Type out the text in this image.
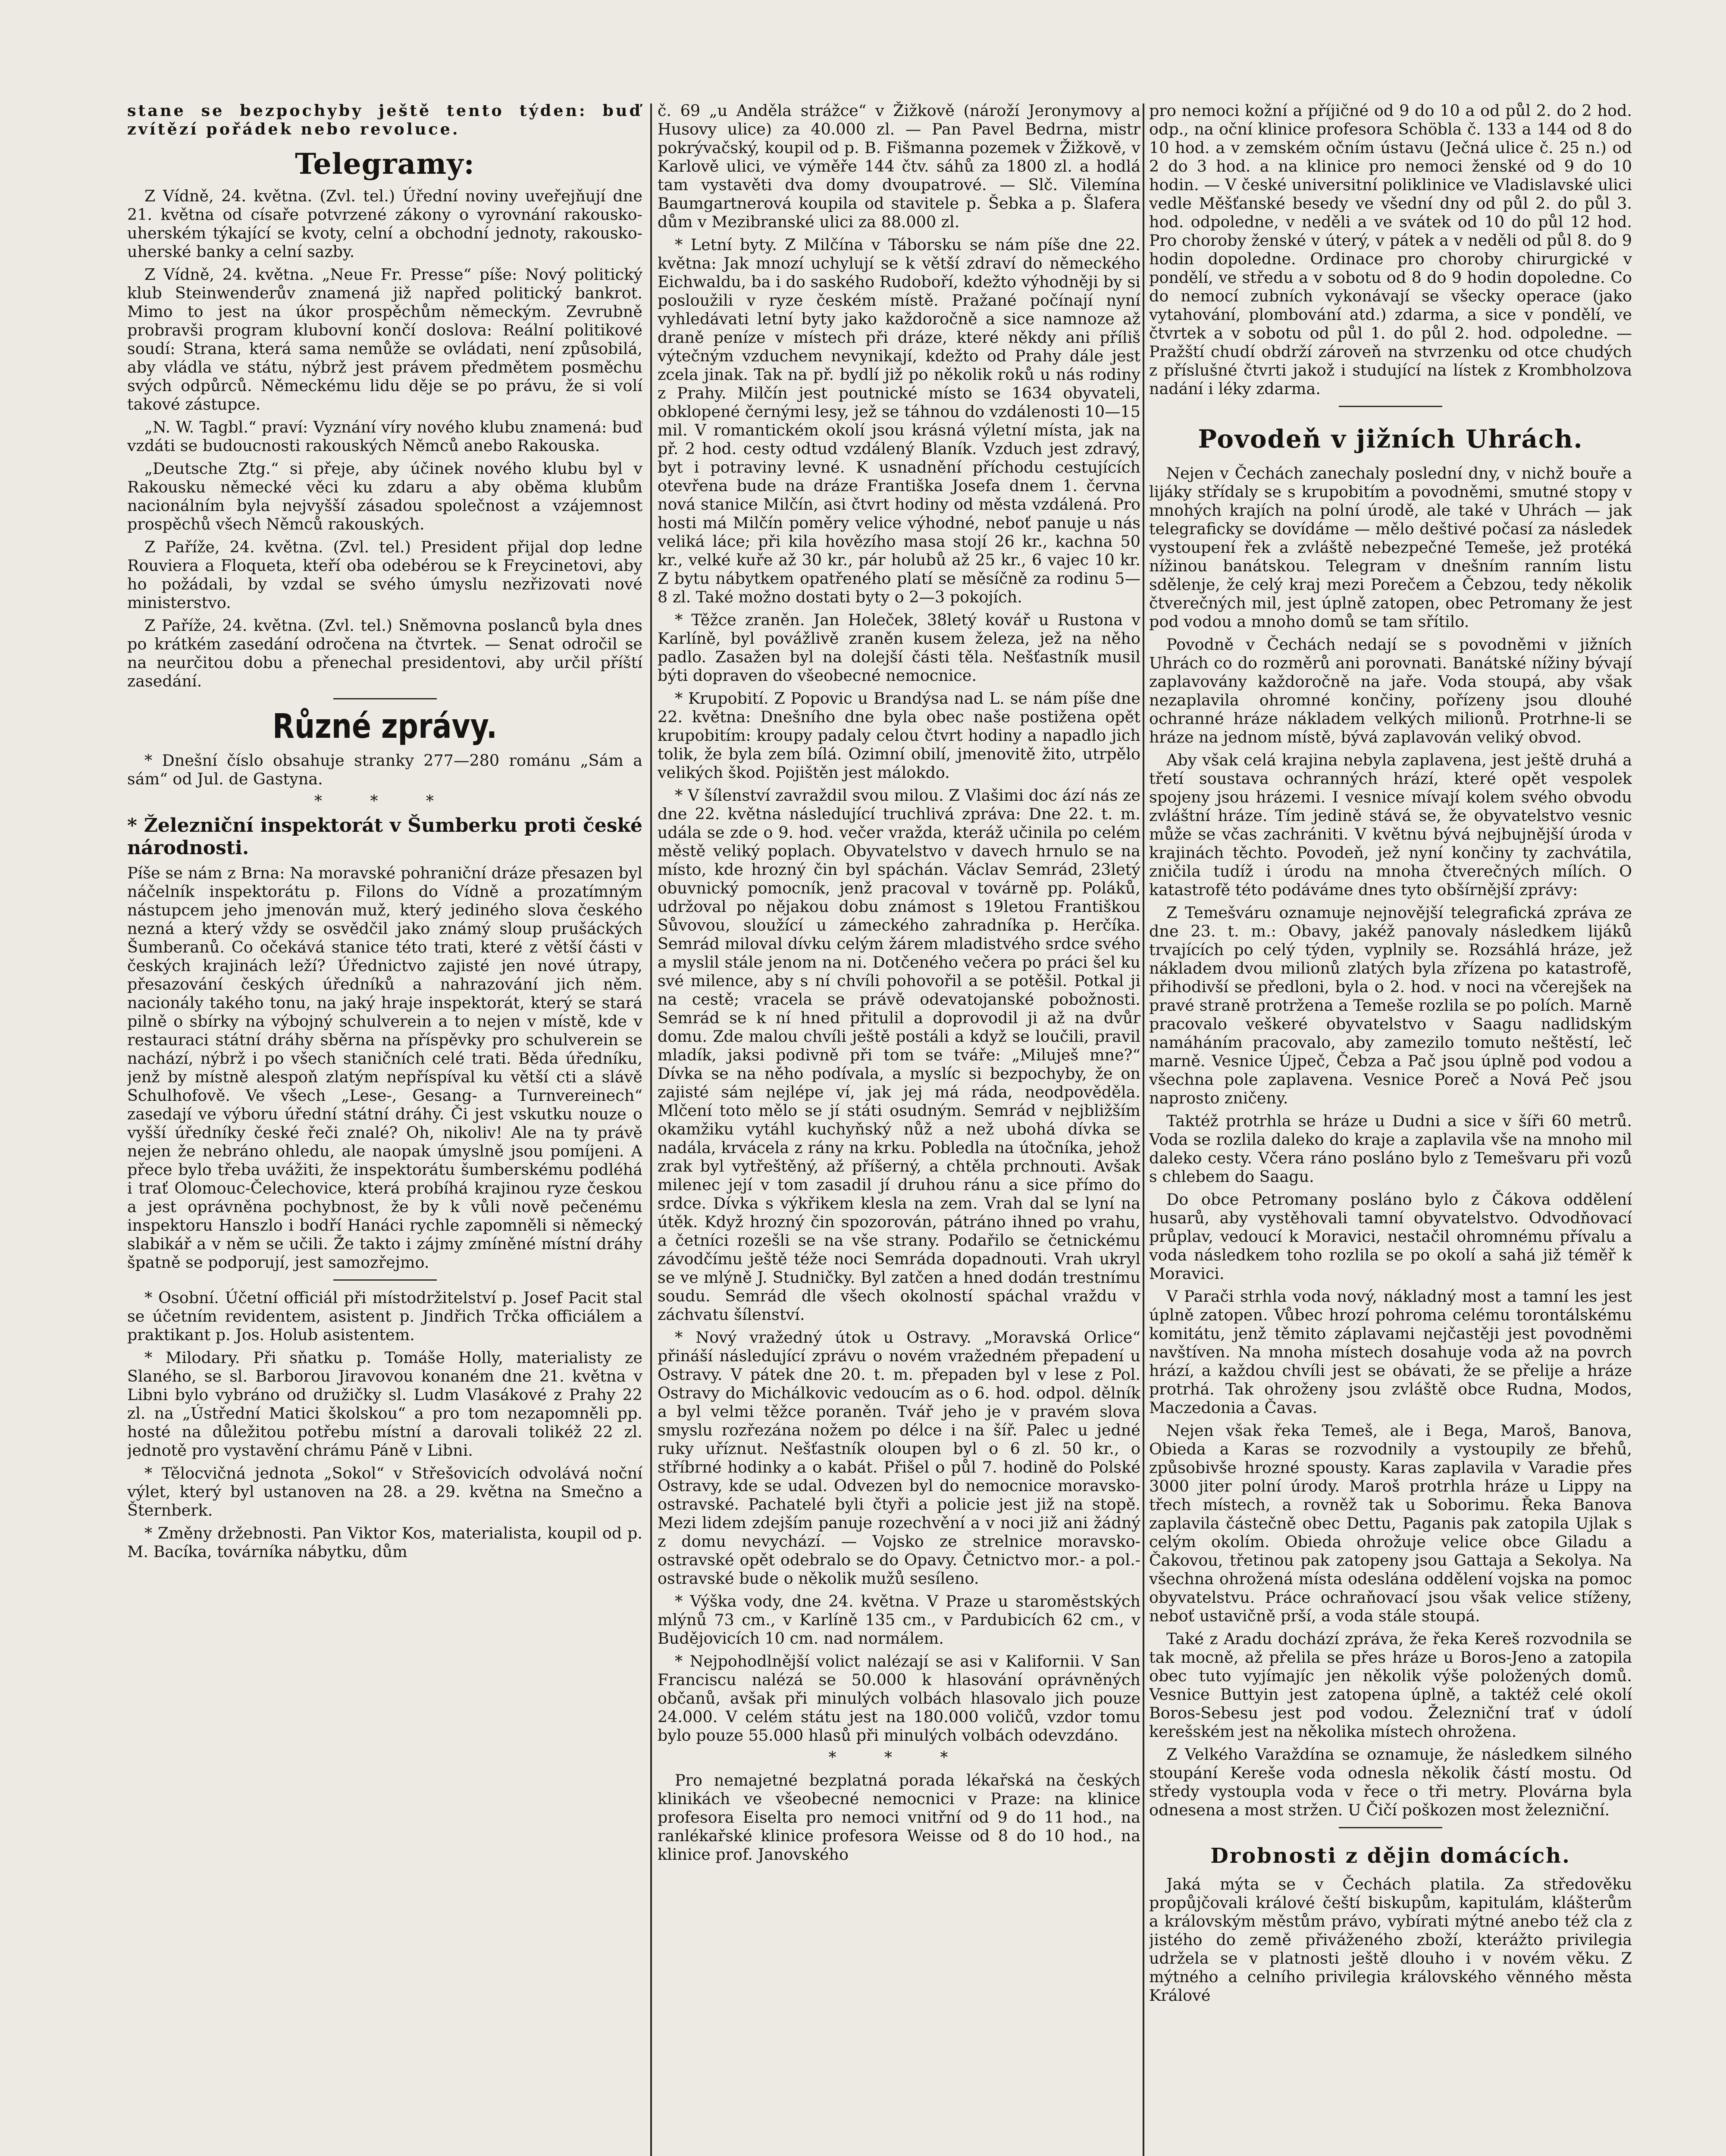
stane se bezpochyby ještě tento týden: buď zvítězí pořádek nebo revoluce.

Telegramy:

Z Vídně, 24. května. (Zvl. tel.) Úřední noviny uveřejňují dne 21. května od císaře potvrzené zákony o vyrovnání rakousko-uherském týkající se kvoty, celní a obchodní jednoty, rakousko-uherské banky a celní sazby.

Z Vídně, 24. května. „Neue Fr. Presse“ píše: Nový politický klub Steinwenderův znamená již napřed politický bankrot. Mimo to jest na úkor prospěchům německým. Zevrubně probravši program klubovní končí doslova: Reální politikové soudí: Strana, která sama nemůže se ovládati, není způsobilá, aby vládla ve státu, nýbrž jest právem předmětem posměchu svých odpůrců. Německému lidu děje se po právu, že si volí takové zástupce.

„N. W. Tagbl.“ praví: Vyznání víry nového klubu znamená: buď vzdáti se budoucnosti rakouských Němců anebo Rakouska.

„Deutsche Ztg.“ si přeje, aby účinek nového klubu byl v Rakousku německé věci ku zdaru a aby oběma klubům nacionálním byla nejvyšší zásadou společnost a vzájemnost prospěchů všech Němců rakouských.

Z Paříže, 24. května. (Zvl. tel.) President přijal dop ledne Rouviera a Floqueta, kteří oba odebérou se k Freycinetovi, aby ho požádali, by vzdal se svého úmyslu nezřizovati nové ministerstvo.

Z Paříže, 24. května. (Zvl. tel.) Sněmovna poslanců byla dnes po krátkém zasedání odročena na čtvrtek. — Senat odročil se na neurčitou dobu a přenechal presidentovi, aby určil příští zasedání.

Různé zprávy.

* Dnešní číslo obsahuje stranky 277—280 románu „Sám a sám“ od Jul. de Gastyna.

* * *

* Železniční inspektorát v Šumberku proti české národnosti.

Píše se nám z Brna: Na moravské pohraniční dráze přesazen byl náčelník inspektorátu p. Filons do Vídně a prozatímným nástupcem jeho jmenován muž, který jediného slova českého nezná a který vždy se osvědčil jako známý sloup prušáckých Šumberanů. Co očekává stanice této trati, které z větší části v českých krajinách leží? Úřednictvo zajisté jen nové útrapy, přesazování českých úředníků a nahrazování jich něm. nacionály takého tonu, na jaký hraje inspektorát, který se stará pilně o sbírky na výbojný schulverein a to nejen v místě, kde v restauraci státní dráhy sběrna na příspěvky pro schulverein se nachází, nýbrž i po všech staničních celé trati. Běda úředníku, jenž by místně alespoň zlatým nepříspíval ku větší cti a slávě Schulhofově. Ve všech „Lese-, Gesang- a Turnvereinech“ zasedají ve výboru úřední státní dráhy. Či jest vskutku nouze o vyšší úředníky české řeči znalé? Oh, nikoliv! Ale na ty právě nejen že nebráno ohledu, ale naopak úmyslně jsou pomíjeni. A přece bylo třeba uvážiti, že inspektorátu šumberskému podléhá i trať Olomouc-Čelechovice, která probíhá krajinou ryze českou a jest oprávněna pochybnost, že by k vůli nově pečenému inspektoru Hanszlo i bodří Hanáci rychle zapomněli si německý slabikář a v něm se učili. Že takto i zájmy zmíněné místní dráhy špatně se podporují, jest samozřejmo.

* Osobní. Účetní officiál při místodržitelství p. Josef Pacit stal se účetním revidentem, asistent p. Jindřich Trčka officiálem a praktikant p. Jos. Holub asistentem.

* Milodary. Při sňatku p. Tomáše Holly, materialisty ze Slaného, se sl. Barborou Jiravovou konaném dne 21. května v Libni bylo vybráno od družičky sl. Ludm Vlasákové z Prahy 22 zl. na „Ústřední Matici školskou“ a pro tom nezapomněli pp. hosté na důležitou potřebu místní a darovali tolikéž 22 zl. jednotě pro vystavění chrámu Páně v Libni.

* Tělocvičná jednota „Sokol“ v Střešovicích odvolává noční výlet, který byl ustanoven na 28. a 29. května na Smečno a Šternberk.

* Změny držebnosti. Pan Viktor Kos, materialista, koupil od p. M. Bacíka, továrníka nábytku, dům

č. 69 „u Anděla strážce“ v Žižkově (nároží Jeronymovy a Husovy ulice) za 40.000 zl. — Pan Pavel Bedrna, mistr pokrývačský, koupil od p. B. Fišmanna pozemek v Žižkově, v Karlově ulici, ve výměře 144 čtv. sáhů za 1800 zl. a hodlá tam vystavěti dva domy dvoupatrové. — Slč. Vilemína Baumgartnerová koupila od stavitele p. Šebka a p. Šlafera dům v Mezibranské ulici za 88.000 zl.

* Letní byty. Z Milčína v Táborsku se nám píše dne 22. května: Jak mnozí uchylují se k větší zdraví do německého Eichwaldu, ba i do saského Rudoboří, kdežto výhodněji by si posloužili v ryze českém místě. Pražané počínají nyní vyhledávati letní byty jako každoročně a sice namnoze až draně peníze v místech při dráze, které někdy ani příliš výtečným vzduchem nevynikají, kdežto od Prahy dále jest zcela jinak. Tak na př. bydlí již po několik roků u nás rodiny z Prahy. Milčín jest poutnické místo se 1634 obyvateli, obklopené černými lesy, jež se táhnou do vzdálenosti 10—15 mil. V romantickém okolí jsou krásná výletní místa, jak na př. 2 hod. cesty odtud vzdálený Blaník. Vzduch jest zdravý, byt i potraviny levné. K usnadnění příchodu cestujících otevřena bude na dráze Františka Josefa dnem 1. června nová stanice Milčín, asi čtvrt hodiny od města vzdálená. Pro hosti má Milčín poměry velice výhodné, neboť panuje u nás veliká láce; při kila hovězího masa stojí 26 kr., kachna 50 kr., velké kuře až 30 kr., pár holubů až 25 kr., 6 vajec 10 kr. Z bytu nábytkem opatřeného platí se měsíčně za rodinu 5—8 zl. Také možno dostati byty o 2—3 pokojích.

* Těžce zraněn. Jan Holeček, 38letý kovář u Rustona v Karlíně, byl povážlivě zraněn kusem železa, jež na něho padlo. Zasažen byl na dolejší části těla. Nešťastník musil býti dopraven do všeobecné nemocnice.

* Krupobití. Z Popovic u Brandýsa nad L. se nám píše dne 22. května: Dnešního dne byla obec naše postižena opět krupobitím: kroupy padaly celou čtvrt hodiny a napadlo jich tolik, že byla zem bílá. Ozimní obilí, jmenovitě žito, utrpělo velikých škod. Pojištěn jest málokdo.

* V šílenství zavraždil svou milou. Z Vlašimi doc ází nás ze dne 22. května následující truchlivá zpráva: Dne 22. t. m. udála se zde o 9. hod. večer vražda, kteráž učinila po celém městě veliký poplach. Obyvatelstvo v davech hrnulo se na místo, kde hrozný čin byl spáchán. Václav Semrád, 23letý obuvnický pomocník, jenž pracoval v továrně pp. Poláků, udržoval po nějakou dobu známost s 19letou Františkou Sůvovou, sloužící u zámeckého zahradníka p. Herčíka. Semrád miloval dívku celým žárem mladistvého srdce svého a myslil stále jenom na ni. Dotčeného večera po práci šel ku své milence, aby s ní chvíli pohovořil a se potěšil. Potkal ji na cestě; vracela se právě odevatojanské pobožnosti. Semrád se k ní hned přitulil a doprovodil ji až na dvůr domu. Zde malou chvíli ještě postáli a když se loučili, pravil mladík, jaksi podivně při tom se tváře: „Miluješ mne?“ Dívka se na něho podívala, a myslíc si bezpochyby, že on zajisté sám nejlépe ví, jak jej má ráda, neodpověděla. Mlčení toto mělo se jí státi osudným. Semrád v nejbližším okamžiku vytáhl kuchyňský nůž a než ubohá dívka se nadála, krvácela z rány na krku. Pobledla na útočníka, jehož zrak byl vytřeštěný, až příšerný, a chtěla prchnouti. Avšak milenec její v tom zasadil jí druhou ránu a sice přímo do srdce. Dívka s výkřikem klesla na zem. Vrah dal se lyní na útěk. Když hrozný čin spozorován, pátráno ihned po vrahu, a četníci rozešli se na vše strany. Podařilo se četnickému závodčímu ještě téže noci Semráda dopadnouti. Vrah ukryl se ve mlýně J. Studničky. Byl zatčen a hned dodán trestnímu soudu. Semrád dle všech okolností spáchal vraždu v záchvatu šílenství.

* Nový vražedný útok u Ostravy. „Moravská Orlice“ přináší následující zprávu o novém vražedném přepadení u Ostravy. V pátek dne 20. t. m. přepaden byl v lese z Pol. Ostravy do Michálkovic vedoucím as o 6. hod. odpol. dělník a byl velmi těžce poraněn. Tvář jeho je v pravém slova smyslu rozřezána nožem po délce i na šíř. Palec u jedné ruky uříznut. Nešťastník oloupen byl o 6 zl. 50 kr., o stříbrné hodinky a o kabát. Přišel o půl 7. hodině do Polské Ostravy, kde se udal. Odvezen byl do nemocnice moravsko-ostravské. Pachatelé byli čtyři a policie jest již na stopě. Mezi lidem zdejším panuje rozechvění a v noci již ani žádný z domu nevychází. — Vojsko ze strelnice moravsko-ostravské opět odebralo se do Opavy. Četnictvo mor.- a pol.-ostravské bude o několik mužů sesíleno.

* Výška vody, dne 24. května. V Praze u staroměstských mlýnů 73 cm., v Karlíně 135 cm., v Pardubicích 62 cm., v Budějovicích 10 cm. nad normálem.

* Nejpohodlnější volict nalézají se asi v Kalifornii. V San Franciscu nalézá se 50.000 k hlasování oprávněných občanů, avšak při minulých volbách hlasovalo jich pouze 24.000. V celém státu jest na 180.000 voličů, vzdor tomu bylo pouze 55.000 hlasů při minulých volbách odevzdáno.

* * *

Pro nemajetné bezplatná porada lékařská na českých klinikách ve všeobecné nemocnici v Praze: na klinice profesora Eiselta pro nemoci vnitřní od 9 do 11 hod., na ranlékařské klinice profesora Weisse od 8 do 10 hod., na klinice prof. Janovského

pro nemoci kožní a příjičné od 9 do 10 a od půl 2. do 2 hod. odp., na oční klinice profesora Schöbla č. 133 a 144 od 8 do 10 hod. a v zemském očním ústavu (Ječná ulice č. 25 n.) od 2 do 3 hod. a na klinice pro nemoci ženské od 9 do 10 hodin. — V české universitní poliklinice ve Vladislavské ulici vedle Měšťanské besedy ve všední dny od půl 2. do půl 3. hod. odpoledne, v neděli a ve svátek od 10 do půl 12 hod. Pro choroby ženské v úterý, v pátek a v neděli od půl 8. do 9 hodin dopoledne. Ordinace pro choroby chirurgické v pondělí, ve středu a v sobotu od 8 do 9 hodin dopoledne. Co do nemocí zubních vykonávají se všecky operace (jako vytahování, plombování atd.) zdarma, a sice v pondělí, ve čtvrtek a v sobotu od půl 1. do půl 2. hod. odpoledne. — Pražští chudí obdrží zároveň na stvrzenku od otce chudých z příslušné čtvrti jakož i studující na lístek z Krombholzova nadání i léky zdarma.

Povodeň v jižních Uhrách.

Nejen v Čechách zanechaly poslední dny, v nichž bouře a lijáky střídaly se s krupobitím a povodněmi, smutné stopy v mnohých krajích na polní úrodě, ale také v Uhrách — jak telegraficky se dovídáme — mělo deštivé počasí za následek vystoupení řek a zvláště nebezpečné Temeše, jež protéká nížinou banátskou. Telegram v dnešním ranním listu sdělenje, že celý kraj mezi Porečem a Čebzou, tedy několik čtverečných mil, jest úplně zatopen, obec Petromany že jest pod vodou a mnoho domů se tam sřítilo.

Povodně v Čechách nedají se s povodněmi v jižních Uhrách co do rozměrů ani porovnati. Banátské nížiny bývají zaplavovány každoročně na jaře. Voda stoupá, aby však nezaplavila ohromné končiny, pořízeny jsou dlouhé ochranné hráze nákladem velkých milionů. Protrhne-li se hráze na jednom místě, bývá zaplavován veliký obvod.

Aby však celá krajina nebyla zaplavena, jest ještě druhá a třetí soustava ochranných hrází, které opět vespolek spojeny jsou hrázemi. I vesnice mívají kolem svého obvodu zvláštní hráze. Tím jedině stává se, že obyvatelstvo vesnic může se včas zachrániti. V květnu bývá nejbujnější úroda v krajinách těchto. Povodeň, jež nyní končiny ty zachvátila, zničila tudíž i úrodu na mnoha čtverečných mílích. O katastrofě této podáváme dnes tyto obšírnější zprávy:

Z Temešváru oznamuje nejnovější telegrafická zpráva ze dne 23. t. m.: Obavy, jakéž panovaly následkem lijáků trvajících po celý týden, vyplnily se. Rozsáhlá hráze, jež nákladem dvou milionů zlatých byla zřízena po katastrofě, přihodivší se předloni, byla o 2. hod. v noci na včerejšek na pravé straně protržena a Temeše rozlila se po polích. Marně pracovalo veškeré obyvatelstvo v Saagu nadlidským namáháním pracovalo, aby zamezilo tomuto neštěstí, leč marně. Vesnice Újpeč, Čebza a Pač jsou úplně pod vodou a všechna pole zaplavena. Vesnice Poreč a Nová Peč jsou naprosto zničeny.

Taktéž protrhla se hráze u Dudni a sice v šíři 60 metrů. Voda se rozlila daleko do kraje a zaplavila vše na mnoho mil daleko cesty. Včera ráno posláno bylo z Temešvaru při vozů s chlebem do Saagu.

Do obce Petromany posláno bylo z Čákova oddělení husarů, aby vystěhovali tamní obyvatelstvo. Odvodňovací průplav, vedoucí k Moravici, nestačil ohromnému přívalu a voda následkem toho rozlila se po okolí a sahá již téměř k Moravici.

V Parači strhla voda nový, nákladný most a tamní les jest úplně zatopen. Vůbec hrozí pohroma celému torontálskému komitátu, jenž těmito záplavami nejčastěji jest povodněmi navštíven. Na mnoha místech dosahuje voda až na povrch hrází, a každou chvíli jest se obávati, že se přelije a hráze protrhá. Tak ohroženy jsou zvláště obce Rudna, Modos, Maczedonia a Čavas.

Nejen však řeka Temeš, ale i Bega, Maroš, Banova, Obieda a Karas se rozvodnily a vystoupily ze břehů, způsobivše hrozné spousty. Karas zaplavila v Varadie přes 3000 jiter polní úrody. Maroš protrhla hráze u Lippy na třech místech, a rovněž tak u Soborimu. Řeka Banova zaplavila částečně obec Dettu, Paganis pak zatopila Ujlak s celým okolím. Obieda ohrožuje velice obce Giladu a Čakovou, třetinou pak zatopeny jsou Gattaja a Sekolya. Na všechna ohrožená místa odeslána oddělení vojska na pomoc obyvatelstvu. Práce ochraňovací jsou však velice stíženy, neboť ustavičně prší, a voda stále stoupá.

Také z Aradu dochází zpráva, že řeka Kereš rozvodnila se tak mocně, až přelila se přes hráze u Boros-Jeno a zatopila obec tuto vyjímajíc jen několik výše položených domů. Vesnice Buttyin jest zatopena úplně, a taktéž celé okolí Boros-Sebesu jest pod vodou. Železniční trať v údolí kerešském jest na několika místech ohrožena.

Z Velkého Varaždína se oznamuje, že následkem silného stoupání Kereše voda odnesla několik částí mostu. Od středy vystoupla voda v řece o tři metry. Plovárna byla odnesena a most stržen. U Čičí poškozen most železniční.

Drobnosti z dějin domácích.

Jaká mýta se v Čechách platila. Za středověku propůjčovali králové čeští biskupům, kapitulám, klášterům a královským městům právo, vybírati mýtné anebo též cla z jistého do země přiváženého zboží, kterážto privilegia udržela se v platnosti ještě dlouho i v novém věku. Z mýtného a celního privilegia královského věnného města Králové
